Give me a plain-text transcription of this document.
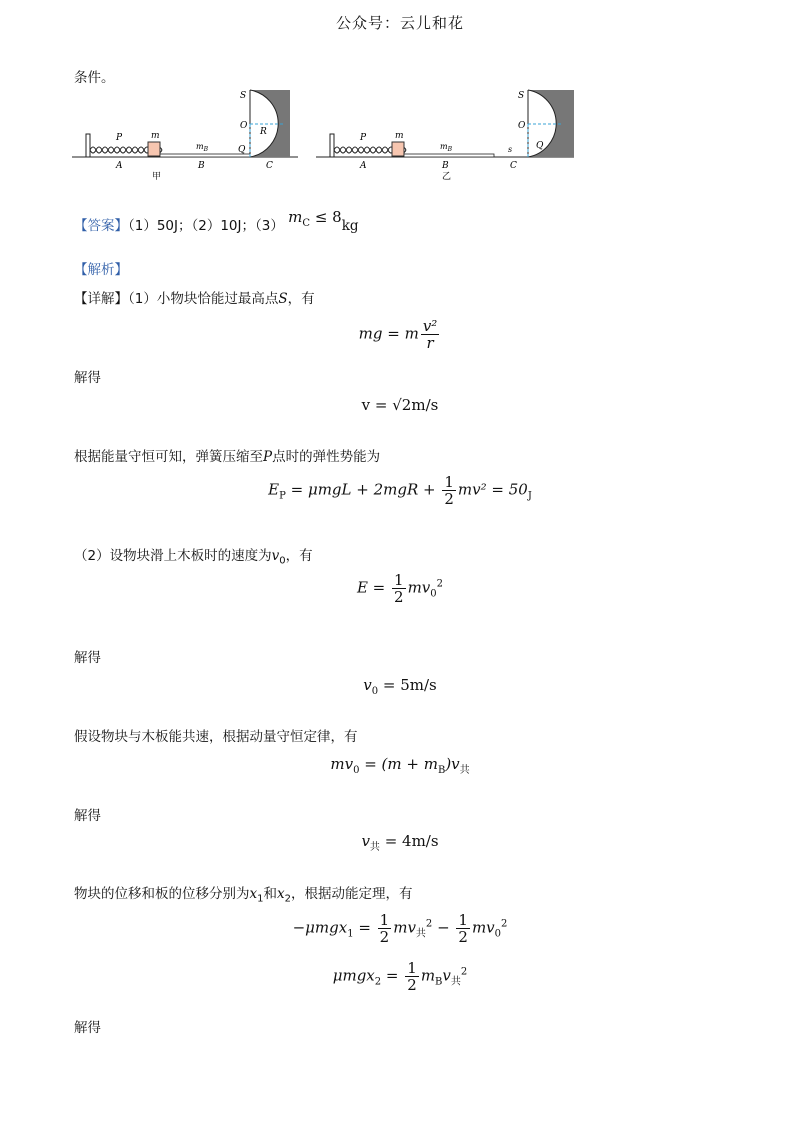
公众号：云儿和花
条件。
S
O
R
Q
P	m
$m_B$
A	B	C
甲
S
O
Q
P	m
$m_B$	s
A	B	C
乙
【答案】（1）50J；（2）10J；（3） $m_C \le 8kg$
【解析】
【详解】（1）小物块恰能过最高点S，有
mg = m $\frac{\text{v²}}{r}$
解得
v = √2m/s
根据能量守恒可知，弹簧压缩至P点时的弹性势能为
$E_P = \mu mgL + 2mgR + \frac{1}{2} mv^2 = 50_J$
（2）设物块滑上木板时的速度为$v_0$，有
$E = \frac{1}{2} mv_0^2$
解得
$v_0 = 5m/s$
假设物块与木板能共速，根据动量守恒定律，有
$mv_0 = (m + m_B)v_共$
解得
$v_共 = 4m/s$
物块的位移和板的位移分别为$x_1$和$x_2$，根据动能定理，有
$-\mu mgx_1 = \frac{1}{2} mv_共^2 - \frac{1}{2} mv_0^2$
$\mu mgx_2 = \frac{1}{2} m_Bv_共^2$
解得
